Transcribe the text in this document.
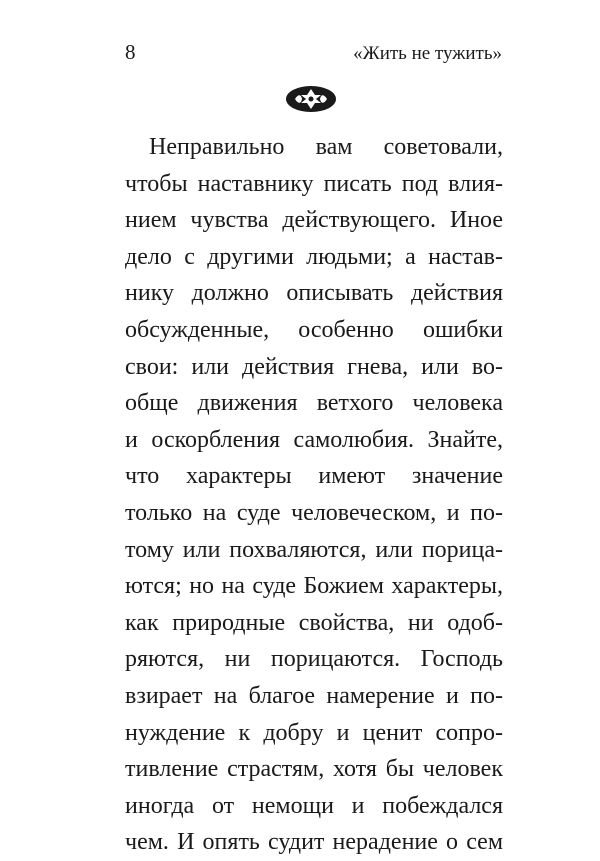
8	«Жить не тужить»
Неправильно вам советовали,
чтобы наставнику писать под влия-
нием чувства действующего. Иное
дело с другими людьми; а настав-
нику должно описывать действия
обсужденные, особенно ошибки
свои: или действия гнева, или во-
обще движения ветхого человека
и оскорбления самолюбия. Знайте,
что характеры имеют значение
только на суде человеческом, и по-
тому или похваляются, или порица-
ются; но на суде Божием характеры,
как природные свойства, ни одоб-
ряются, ни порицаются. Господь
взирает на благое намерение и по-
нуждение к добру и ценит сопро-
тивление страстям, хотя бы человек
иногда от немощи и побеждался
чем. И опять судит нерадение о сем
